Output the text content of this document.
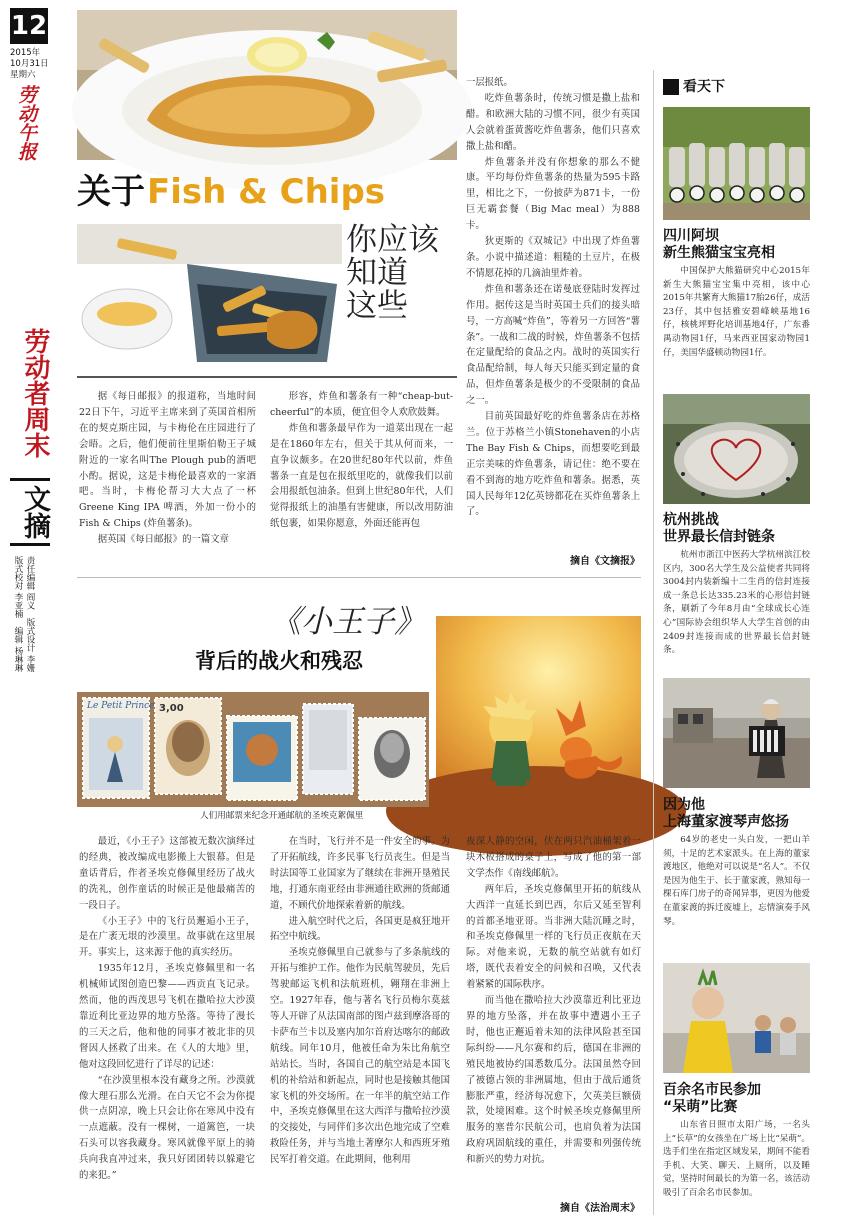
12
2015年
10月31日
星期六
劳动午报
劳动者周末
文摘
责任编辑 阎义　版式设计 李姗　版式校对 李亚楠　编辑 杨琳琳
关于Fish & Chips
你应该
知道
这些

据《每日邮报》的报道称，当地时间22日下午，习近平主席来到了英国首相所在的契克斯庄园，与卡梅伦在庄园进行了会晤。之后，他们便前往里斯伯勒王子城附近的一家名叫The Plough pub的酒吧小酌。据说，这是卡梅伦最喜欢的一家酒吧。当时，卡梅伦帮习大大点了一杯Greene King IPA 啤酒，外加一份小的 Fish & Chips (炸鱼薯条)。

据英国《每日邮报》的一篇文章

形容，炸鱼和薯条有一种“cheap-but-cheerful”的本质，便宜但令人欢欣鼓舞。

炸鱼和薯条最早作为一道菜出现在一起是在1860年左右，但关于其从何而来，一直争议颇多。在20世纪80年代以前，炸鱼薯条一直是包在报纸里吃的，就像我们以前会用报纸包油条。但到上世纪80年代，人们觉得报纸上的油墨有害健康，所以改用防油纸包裹，如果你愿意，外面还能再包

一层报纸。

吃炸鱼薯条时，传统习惯是撒上盐和醋。和欧洲大陆的习惯不同，很少有英国人会就着蛋黄酱吃炸鱼薯条，他们只喜欢撒上盐和醋。

炸鱼薯条并没有你想象的那么不健康。平均每份炸鱼薯条的热量为595卡路里，相比之下，一份披萨为871卡，一份巨无霸套餐（Big Mac meal）为888卡。

狄更斯的《双城记》中出现了炸鱼薯条。小说中描述道：粗糙的土豆片，在极不情愿花掉的几滴油里炸着。

炸鱼和薯条还在诺曼底登陆时发挥过作用。据传这是当时英国士兵们的接头暗号，一方高喊“炸鱼”，等着另一方回答“薯条”。一战和二战的时候，炸鱼薯条不包括在定量配给的食品之内。战时的英国实行食品配给制，每人每天只能买到定量的食品，但炸鱼薯条是极少的不受限制的食品之一。

目前英国最好吃的炸鱼薯条店在苏格兰。位于苏格兰小镇Stonehaven的小店The Bay Fish & Chips，而想要吃到最正宗美味的炸鱼薯条，请记住：绝不要在看不到海的地方吃炸鱼和薯条。据悉，英国人民每年12亿英镑都花在买炸鱼薯条上了。

摘自《文摘报》
《小王子》
背后的战火和残忍
Le Petit Prince 3,00
人们用邮票来纪念开通邮航的圣埃克絮佩里

最近，《小王子》这部被无数次演绎过的经典，被改编成电影搬上大银幕。但是童话背后，作者圣埃克修佩里经历了战火的洗礼，创作童话的时候正是他最痛苦的一段日子。

《小王子》中的飞行员邂逅小王子，是在广袤无垠的沙漠里。故事就在这里展开。事实上，这来源于他的真实经历。

1935年12月，圣埃克修佩里和一名机械师试图创造巴黎——西贡直飞记录。然而，他的西茂思号飞机在撒哈拉大沙漠靠近利比亚边界的地方坠落。等待了漫长的三天之后，他和他的同事才被北非的贝督因人拯救了出来。在《人的大地》里，他对这段回忆进行了详尽的记述：

“在沙漠里根本没有藏身之所。沙漠就像大理石那么光滑。在白天它不会为你提供一点阴凉，晚上只会让你在寒风中没有一点遮蔽。没有一棵树，一道篱笆，一块石头可以容我藏身。寒风就像平原上的骑兵向我直冲过来，我只好团团转以躲避它的来犯。”

在当时，飞行并不是一件安全的事。为了开拓航线，许多民事飞行员丧生。但是当时法国等工业国家为了继续在非洲开垦殖民地，打通东南亚经由非洲通往欧洲的货邮通道，不顾代价地探索着新的航线。

进入航空时代之后，各国更是疯狂地开拓空中航线。

圣埃克修佩里自己就参与了多条航线的开拓与维护工作。他作为民航驾驶员，先后驾驶邮运飞机和法航班机，翱翔在非洲上空。1927年春，他与著名飞行员梅尔莫兹等人开辟了从法国南部的图卢兹到摩洛哥的卡萨布兰卡以及塞内加尔首府达喀尔的邮政航线。同年10月，他被任命为朱比角航空站站长。当时，各国自己的航空站是本国飞机的补给站和新起点，同时也是接触其他国家飞机的外交场所。在一年半的航空站工作中，圣埃克修佩里在这大西洋与撒哈拉沙漠的交接处，与同伴们多次出色地完成了空难救险任务，并与当地土著摩尔人和西班牙殖民军打着交道。在此期间，他利用

夜深人静的空闲，伏在两只汽油桶架着一块木板搭成的桌子上，写成了他的第一部文学杰作《南线邮航》。

两年后，圣埃克修佩里开拓的航线从大西洋一直延长到巴西，尔后又延至智利的首都圣地亚哥。当非洲大陆沉睡之时，和圣埃克修佩里一样的飞行员正夜航在天际。对他来说，无数的航空站就有如灯塔，既代表着安全的问候和召唤，又代表着紧紧的国际秩序。

而当他在撒哈拉大沙漠靠近利比亚边界的地方坠落，并在故事中遭遇小王子时，他也正邂逅着未知的法律风险甚至国际纠纷——凡尔赛和约后，德国在非洲的殖民地被协约国悉数瓜分。法国虽然夺回了被德占领的非洲属地，但由于战后通货膨胀严重，经济每况愈下，欠英美巨额债款，处境困难。这个时候圣埃克修佩里所服务的塞普尔民航公司，也肩负着为法国政府巩固航线的重任，并需要和列强传统和新兴的势力对抗。

摘自《法治周末》
看天下
四川阿坝
新生熊猫宝宝亮相

中国保护大熊猫研究中心2015年新生大熊猫宝宝集中亮相，该中心2015年共繁育大熊猫17胎26仔，成活23仔，其中包括雅安碧峰峡基地16仔，核桃坪野化培训基地4仔，广东番禺动物园1仔，马来西亚国家动物园1仔，美国华盛顿动物园1仔。

杭州挑战
世界最长信封链条

杭州市浙江中医药大学杭州滨江校区内，300名大学生及公益使者共同将3004封内装新编十二生肖的信封连接成一条总长达335.23米的心形信封链条，刷新了今年8月由“全球成长心连心”国际协会组织华人大学生首创的由2409封连接而成的世界最长信封链条。

因为他
上海董家渡琴声悠扬

64岁的老史一头白发，一把山羊须，十足的艺术家派头。在上海的董家渡地区，他绝对可以说是“名人”。不仅是因为他生于、长于董家渡，熟知每一棵石库门房子的奇闻异事，更因为他爱在董家渡的拆迁废墟上，忘情演奏手风琴。

百余名市民参加
“呆萌”比赛

山东省日照市太阳广场，一名头上“长草”的女孩坐在广场上比“呆萌”。选手们坐在指定区域发呆，期间不能看手机、大笑、聊天、上厕所，以及睡觉，坚持时间最长的为第一名，该活动吸引了百余名市民参加。
